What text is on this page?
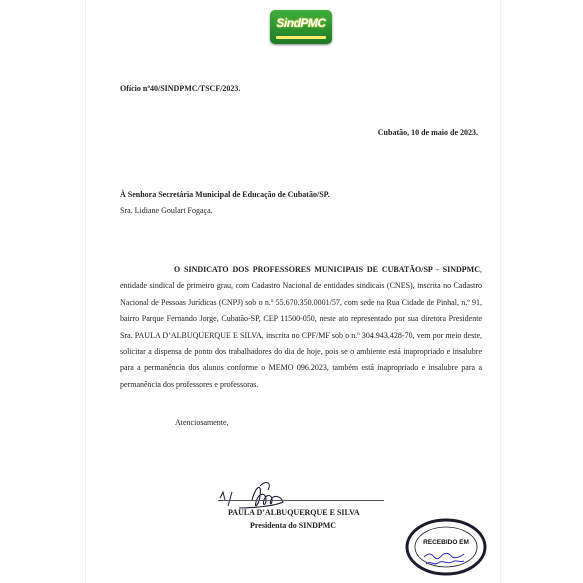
SindPMC
Ofício nº40/SINDPMC/TSCF/2023.
Cubatão, 10 de maio de 2023.
À Senhora Secretária Municipal de Educação de Cubatão/SP.
Sra. Lidiane Goulart Fogaça.
O SINDICATO DOS PROFESSORES MUNICIPAIS DE CUBATÃO/SP - SINDPMC, entidade sindical de primeiro grau, com Cadastro Nacional de entidades sindicais (CNES), inscrita no Cadastro Nacional de Pessoas Jurídicas (CNPJ) sob o n.º 55.670.350.0001/57, com sede na Rua Cidade de Pinhal, n.º 91, bairro Parque Fernando Jorge, Cubatão-SP, CEP 11500-050, neste ato representado por sua diretora Presidente Sra. PAULA D’ALBUQUERQUE E SILVA, inscrita no CPF/MF sob o n.º 304.943.428-70, vem por meio deste, solicitar a dispensa de ponto dos trabalhadores do dia de hoje, pois se o ambiente está inapropriado e insalubre para a permanência dos alunos conforme o MEMO 096.2023, também está inapropriado e insalubre para a permanência dos professores e professoras.
Atenciosamente,
PAULA D’ALBUQUERQUE E SILVA
Presidenta do SINDPMC
RECEBIDO EM
